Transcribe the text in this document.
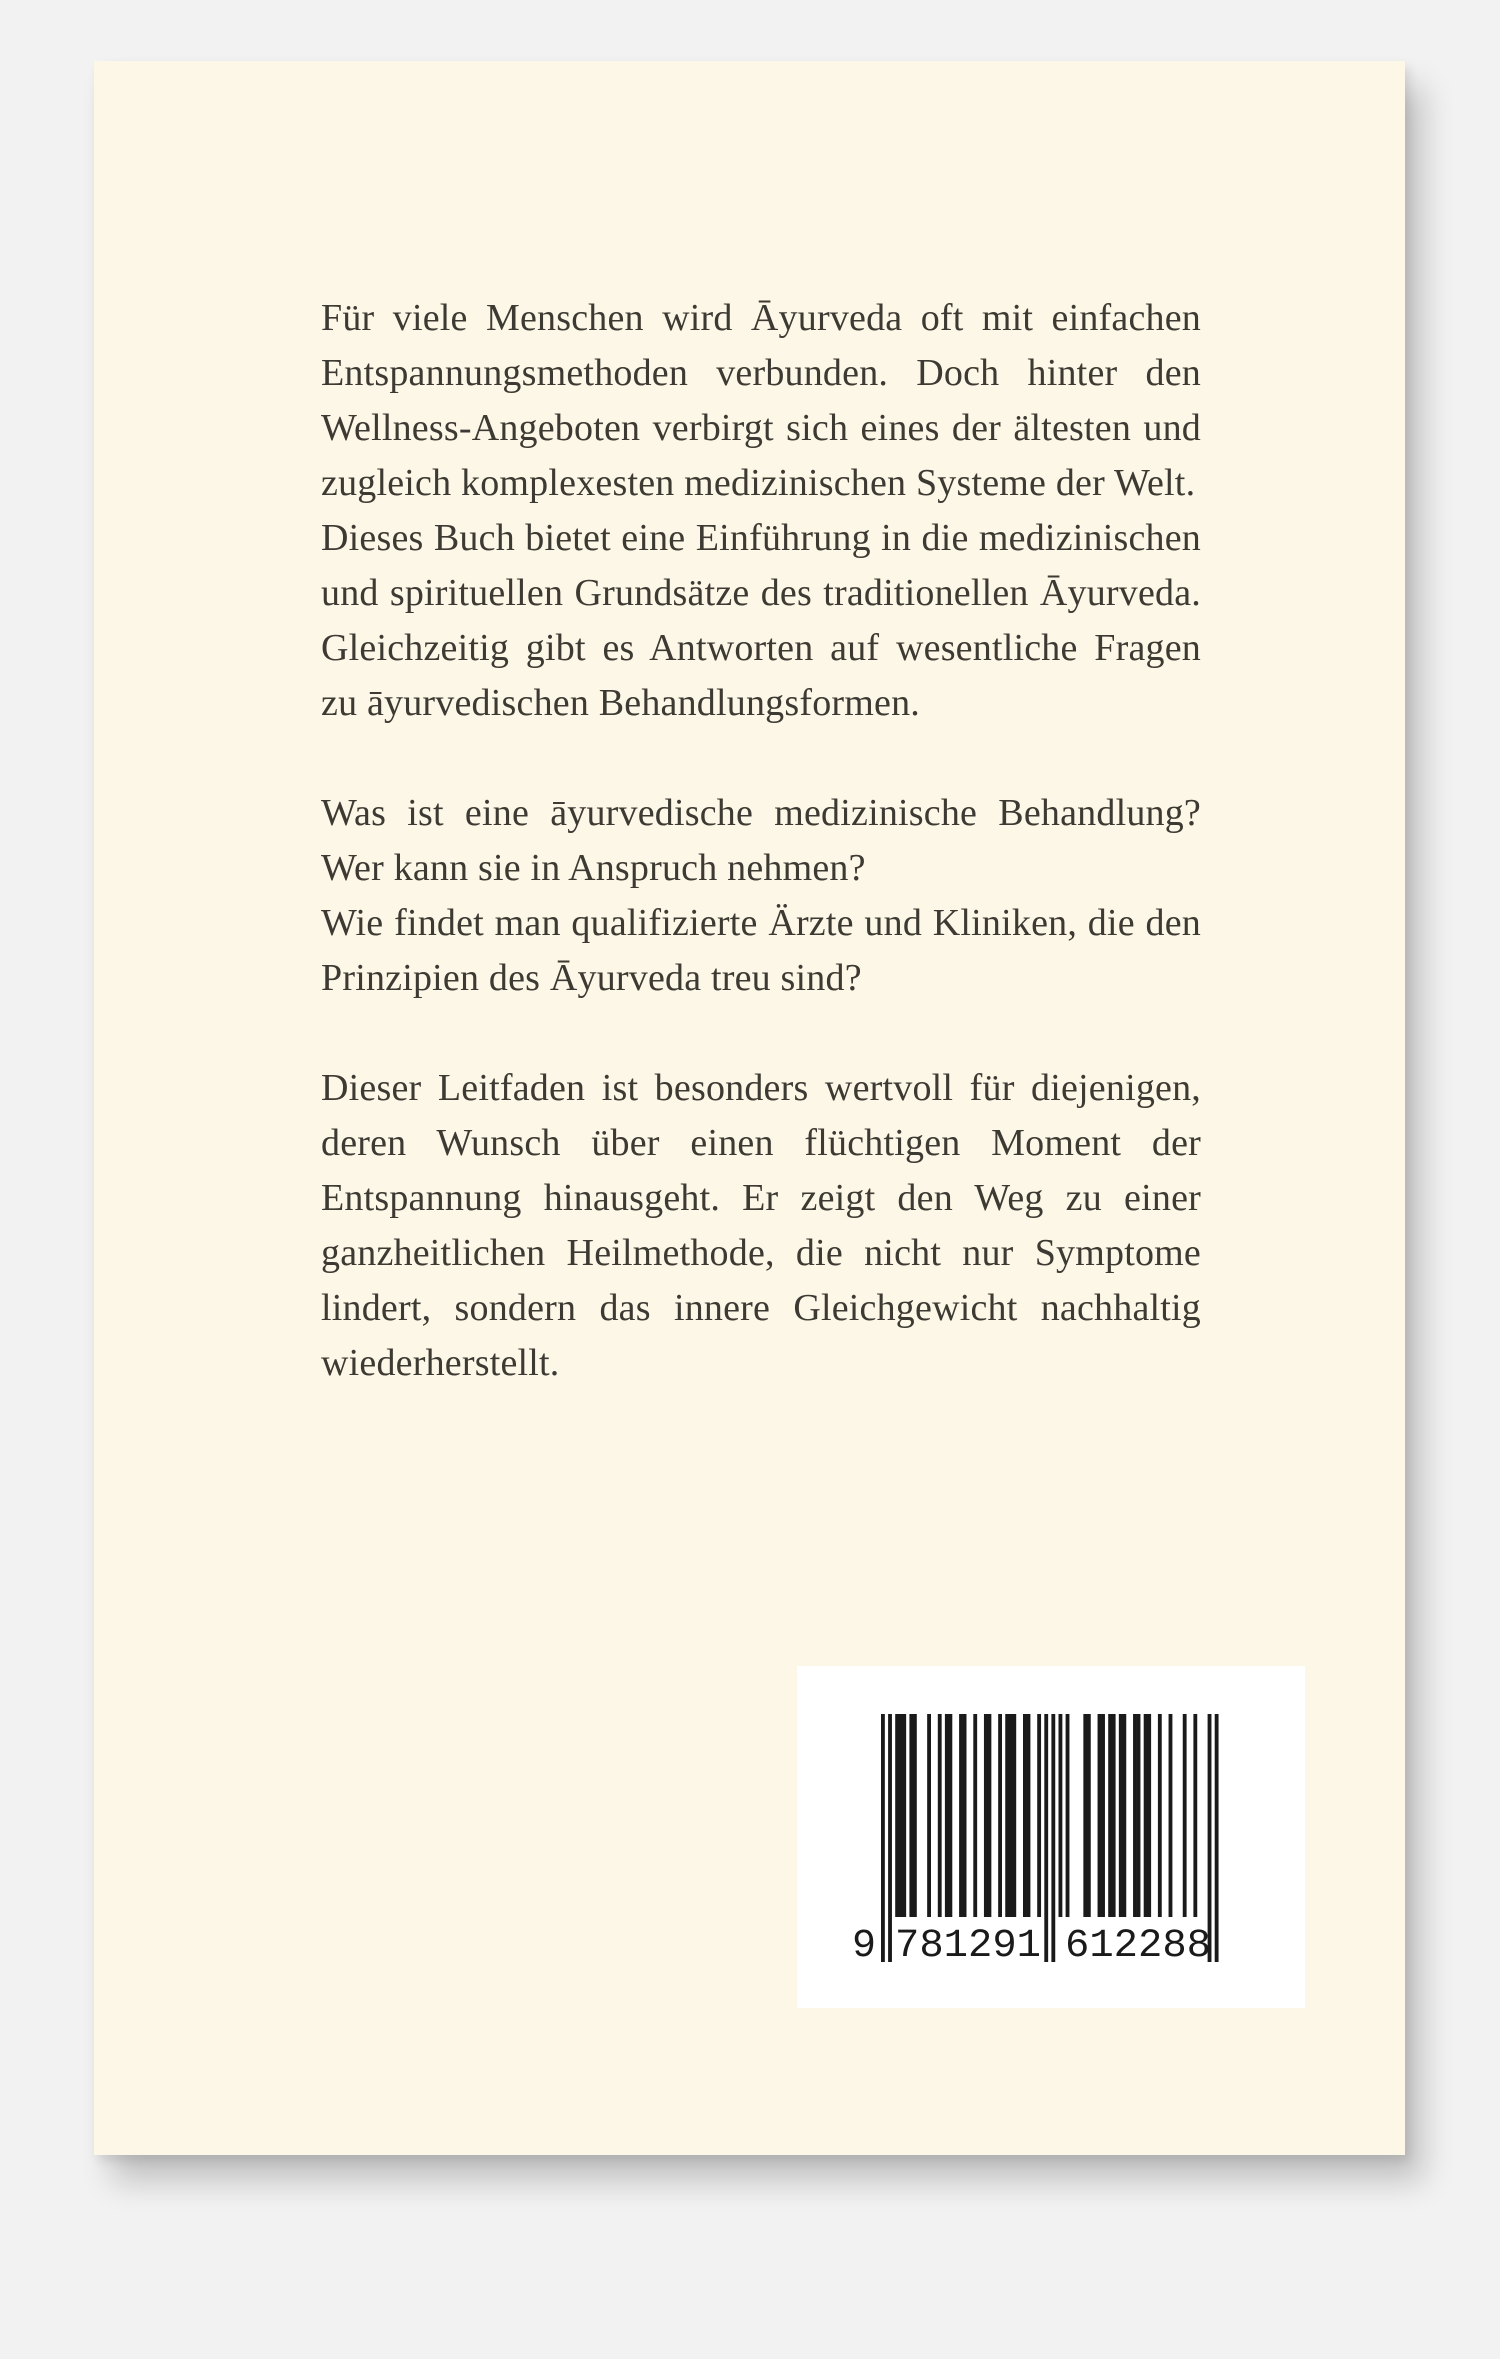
Für viele Menschen wird Āyurveda oft mit einfachen Entspannungsmethoden verbunden. Doch hinter den Wellness-Angeboten verbirgt sich eines der ältesten und zugleich komplexesten medizinischen Systeme der Welt.

Dieses Buch bietet eine Einführung in die medizinischen und spirituellen Grundsätze des traditionellen Āyurveda. Gleichzeitig gibt es Antworten auf wesentliche Fragen zu āyurvedischen Behandlungsformen.

Was ist eine āyurvedische medizinische Behandlung? Wer kann sie in Anspruch nehmen?

Wie findet man qualifizierte Ärzte und Kliniken, die den Prinzipien des Āyurveda treu sind?

Dieser Leitfaden ist besonders wertvoll für diejenigen, deren Wunsch über einen flüchtigen Moment der Entspannung hinausgeht. Er zeigt den Weg zu einer ganzheitlichen Heilmethode, die nicht nur Symptome lindert, sondern das innere Gleichgewicht nachhaltig wiederherstellt.

9 781291 612288
